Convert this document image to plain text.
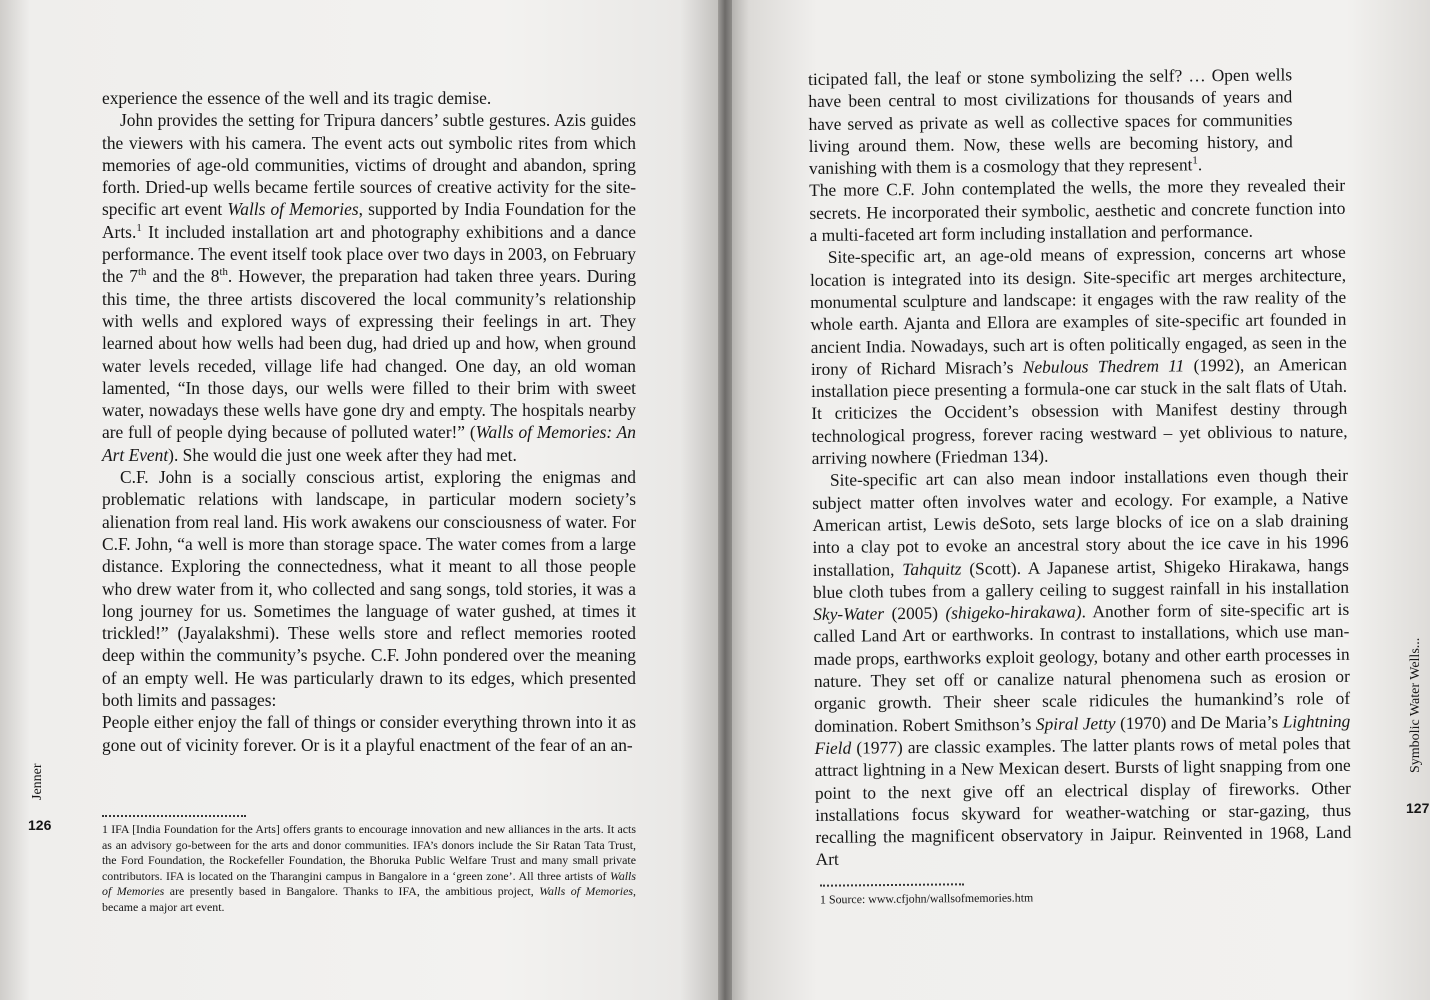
experience the essence of the well and its tragic demise.

John provides the setting for Tripura dancers’ subtle gestures. Azis guides the viewers with his camera. The event acts out symbolic rites from which memories of age-old communities, victims of drought and abandon, spring forth. Dried-up wells became fertile sources of creative activity for the site-specific art event Walls of Memories, supported by India Foundation for the Arts.$^1$ It included installation art and photography exhibitions and a dance performance. The event itself took place over two days in 2003, on February the 7th and the 8th. However, the preparation had taken three years. During this time, the three artists discovered the local community’s relationship with wells and explored ways of expressing their feelings in art. They learned about how wells had been dug, had dried up and how, when ground water levels receded, village life had changed. One day, an old woman lamented, “In those days, our wells were filled to their brim with sweet water, nowadays these wells have gone dry and empty. The hospitals nearby are full of people dying because of polluted water!” (Walls of Memories: An Art Event). She would die just one week after they had met.

C.F. John is a socially conscious artist, exploring the enigmas and problematic relations with landscape, in particular modern society’s alienation from real land. His work awakens our consciousness of water. For C.F. John, “a well is more than storage space. The water comes from a large distance. Exploring the connectedness, what it meant to all those people who drew water from it, who collected and sang songs, told stories, it was a long journey for us. Sometimes the language of water gushed, at times it trickled!” (Jayalakshmi). These wells store and reflect memories rooted deep within the community’s psyche. C.F. John pondered over the meaning of an empty well. He was particularly drawn to its edges, which presented both limits and passages:

People either enjoy the fall of things or consider everything thrown into it as gone out of vicinity forever. Or is it a playful enactment of the fear of an an-

1 IFA [India Foundation for the Arts] offers grants to encourage innovation and new alliances in the arts. It acts as an advisory go-between for the arts and donor communities. IFA’s donors include the Sir Ratan Tata Trust, the Ford Foundation, the Rockefeller Foundation, the Bhoruka Public Welfare Trust and many small private contributors. IFA is located on the Tharangini campus in Bangalore in a ‘green zone’. All three artists of Walls of Memories are presently based in Bangalore. Thanks to IFA, the ambitious project, Walls of Memories, became a major art event.

Jenner
126

ticipated fall, the leaf or stone symbolizing the self? … Open wells have been central to most civilizations for thousands of years and have served as private as well as collective spaces for communities living around them. Now, these wells are becoming history, and vanishing with them is a cosmology that they represent$^1$.

The more C.F. John contemplated the wells, the more they revealed their secrets. He incorporated their symbolic, aesthetic and concrete function into a multi-faceted art form including installation and performance.

Site-specific art, an age-old means of expression, concerns art whose location is integrated into its design. Site-specific art merges architecture, monumental sculpture and landscape: it engages with the raw reality of the whole earth. Ajanta and Ellora are examples of site-specific art founded in ancient India. Nowadays, such art is often politically engaged, as seen in the irony of Richard Misrach’s Nebulous Thedrem 11 (1992), an American installation piece presenting a formula-one car stuck in the salt flats of Utah. It criticizes the Occident’s obsession with Manifest destiny through technological progress, forever racing westward – yet oblivious to nature, arriving nowhere (Friedman 134).

Site-specific art can also mean indoor installations even though their subject matter often involves water and ecology. For example, a Native American artist, Lewis deSoto, sets large blocks of ice on a slab draining into a clay pot to evoke an ancestral story about the ice cave in his 1996 installation, Tahquitz (Scott). A Japanese artist, Shigeko Hirakawa, hangs blue cloth tubes from a gallery ceiling to suggest rainfall in his installation Sky-Water (2005) (shigeko-hirakawa). Another form of site-specific art is called Land Art or earthworks. In contrast to installations, which use man-made props, earthworks exploit geology, botany and other earth processes in nature. They set off or canalize natural phenomena such as erosion or organic growth. Their sheer scale ridicules the humankind’s role of domination. Robert Smithson’s Spiral Jetty (1970) and De Maria’s Lightning Field (1977) are classic examples. The latter plants rows of metal poles that attract lightning in a New Mexican desert. Bursts of light snapping from one point to the next give off an electrical display of fireworks. Other installations focus skyward for weather-watching or star-gazing, thus recalling the magnificent observatory in Jaipur. Reinvented in 1968, Land Art

1 Source: www.cfjohn/wallsofmemories.htm

Symbolic Water Wells...
127
